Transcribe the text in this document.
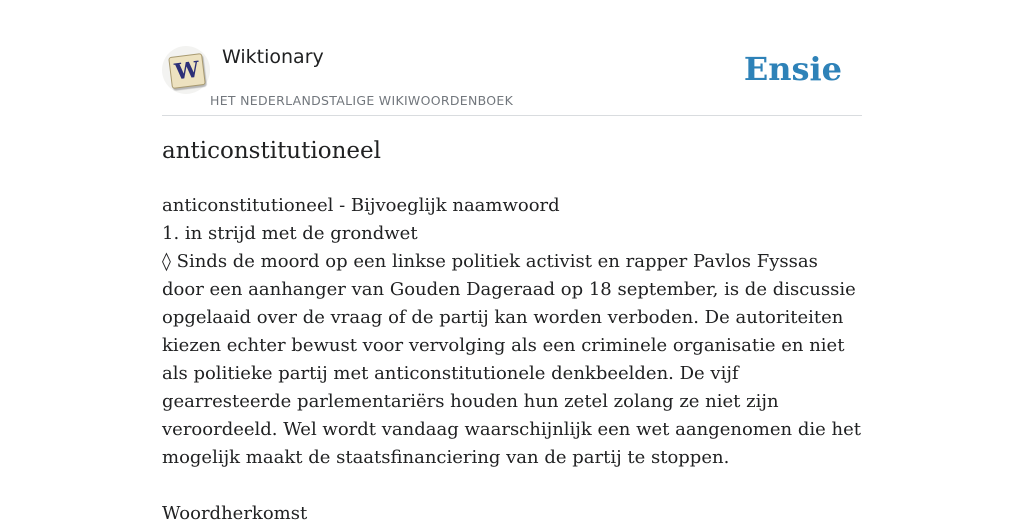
W Wiktionary
HET NEDERLANDSTALIGE WIKIWOORDENBOEK
Ensie
anticonstitutioneel

anticonstitutioneel - Bijvoeglijk naamwoord

1. in strijd met de grondwet

◊ Sinds de moord op een linkse politiek activist en rapper Pavlos Fyssas door een aanhanger van Gouden Dageraad op 18 september, is de discussie opgelaaid over de vraag of de partij kan worden verboden. De autoriteiten kiezen echter bewust voor vervolging als een criminele organisatie en niet als politieke partij met anticonstitutionele denkbeelden. De vijf gearresteerde parlementariërs houden hun zetel zolang ze niet zijn veroordeeld. Wel wordt vandaag waarschijnlijk een wet aangenomen die het mogelijk maakt de staatsfinanciering van de partij te stoppen.

Woordherkomst
